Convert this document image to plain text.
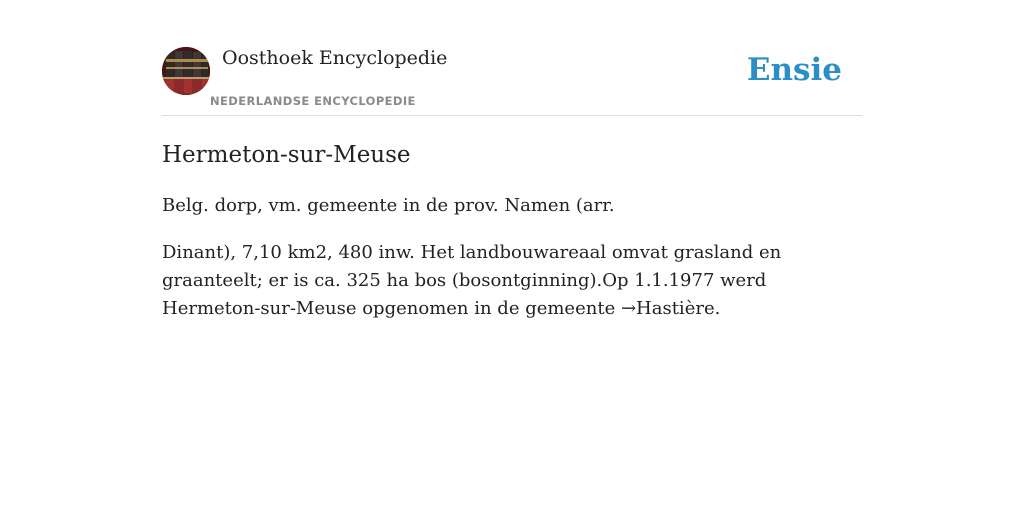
Oosthoek Encyclopedie
NEDERLANDSE ENCYCLOPEDIE
Ensie
Hermeton-sur-Meuse

Belg. dorp, vm. gemeente in de prov. Namen (arr.

Dinant), 7,10 km2, 480 inw. Het landbouwareaal omvat grasland en graanteelt; er is ca. 325 ha bos (bosontginning).Op 1.1.1977 werd Hermeton-sur-Meuse opgenomen in de gemeente →Hastière.
